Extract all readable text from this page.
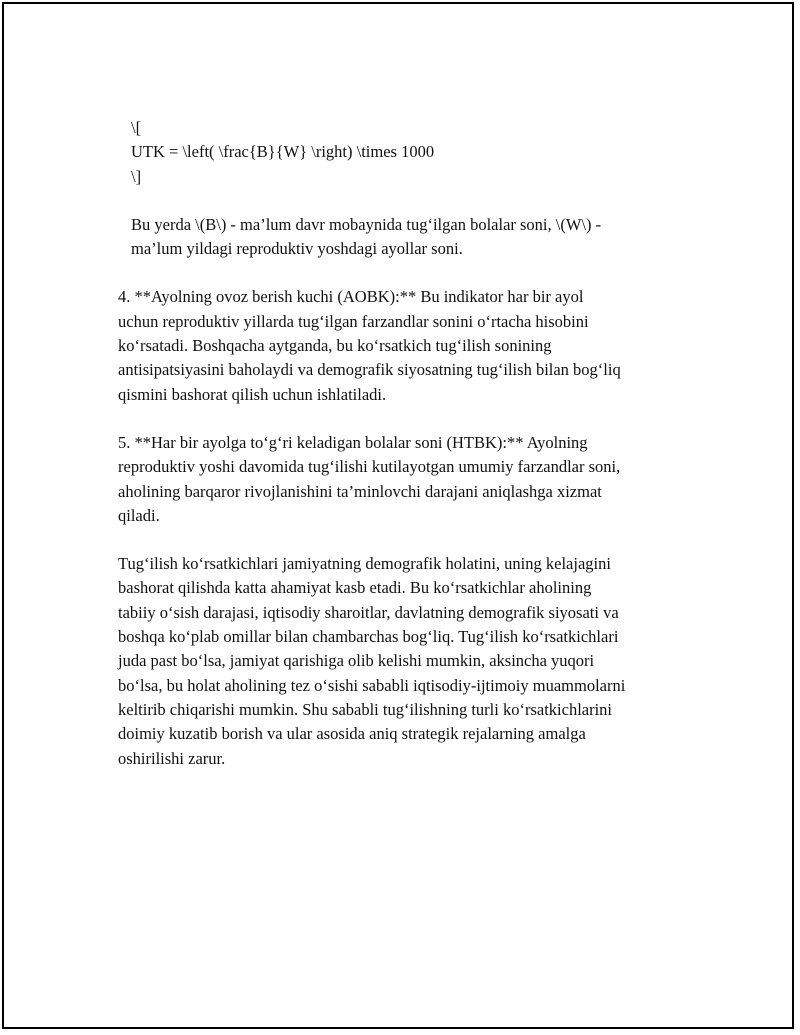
\[
UTK = \left( \frac{B}{W} \right) \times 1000
\]

Bu yerda \(B\) - ma’lum davr mobaynida tug‘ilgan bolalar soni, \(W\) -
ma’lum yildagi reproduktiv yoshdagi ayollar soni.

4. **Ayolning ovoz berish kuchi (AOBK):** Bu indikator har bir ayol
uchun reproduktiv yillarda tug‘ilgan farzandlar sonini o‘rtacha hisobini
ko‘rsatadi. Boshqacha aytganda, bu ko‘rsatkich tug‘ilish sonining
antisipatsiyasini baholaydi va demografik siyosatning tug‘ilish bilan bog‘liq
qismini bashorat qilish uchun ishlatiladi.

5. **Har bir ayolga to‘g‘ri keladigan bolalar soni (HTBK):** Ayolning
reproduktiv yoshi davomida tug‘ilishi kutilayotgan umumiy farzandlar soni,
aholining barqaror rivojlanishini ta’minlovchi darajani aniqlashga xizmat
qiladi.

Tug‘ilish ko‘rsatkichlari jamiyatning demografik holatini, uning kelajagini
bashorat qilishda katta ahamiyat kasb etadi. Bu ko‘rsatkichlar aholining
tabiiy o‘sish darajasi, iqtisodiy sharoitlar, davlatning demografik siyosati va
boshqa ko‘plab omillar bilan chambarchas bog‘liq. Tug‘ilish ko‘rsatkichlari
juda past bo‘lsa, jamiyat qarishiga olib kelishi mumkin, aksincha yuqori
bo‘lsa, bu holat aholining tez o‘sishi sababli iqtisodiy-ijtimoiy muammolarni
keltirib chiqarishi mumkin. Shu sababli tug‘ilishning turli ko‘rsatkichlarini
doimiy kuzatib borish va ular asosida aniq strategik rejalarning amalga
oshirilishi zarur.
